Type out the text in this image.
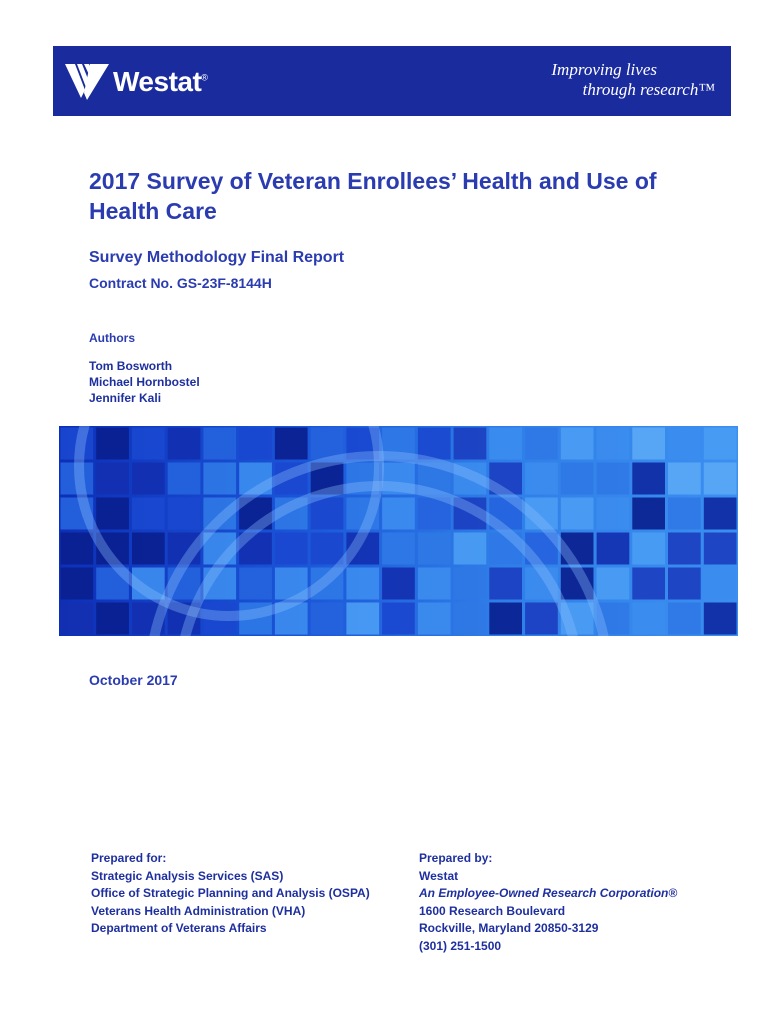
Westat®	Improving lives
through research™
2017 Survey of Veteran Enrollees’ Health and Use of Health Care
Survey Methodology Final Report
Contract No. GS-23F-8144H
Authors
Tom Bosworth
Michael Hornbostel
Jennifer Kali
October 2017
Prepared for:
Strategic Analysis Services (SAS)
Office of Strategic Planning and Analysis (OSPA)
Veterans Health Administration (VHA)
Department of Veterans Affairs
Prepared by:
Westat
An Employee-Owned Research Corporation®
1600 Research Boulevard
Rockville, Maryland 20850-3129
(301) 251-1500
